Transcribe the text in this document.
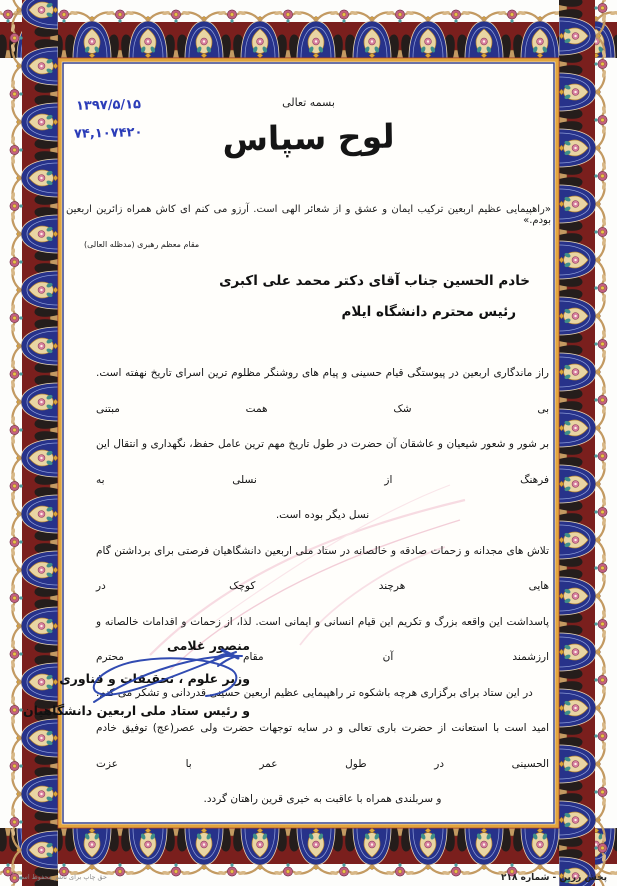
۱۳۹۷/۵/۱۵
۷۴,۱۰۷۴۲۰
بسمه تعالی
لوح سپاس
«راهپیمایی عظیم اربعین ترکیب ایمان و عشق و از شعائر الهی است. آرزو می کنم ای کاش همراه زائرین اربعین بودم.»
مقام معظم رهبری (مدظله العالی)
خادم الحسین جناب آقای دکتر محمد علی اکبری
رئیس محترم دانشگاه ایلام
راز ماندگاری اربعین در پیوستگی قیام حسینی و پیام های روشنگر مظلوم ترین اسرای تاریخ نهفته است. بی شک همت مبتنی
بر شور و شعور شیعیان و عاشقان آن حضرت در طول تاریخ مهم ترین عامل حفظ، نگهداری و انتقال این فرهنگ از نسلی به
نسل دیگر بوده است.
تلاش های مجدانه و زحمات صادقه و خالصانه در ستاد ملی اربعین دانشگاهیان فرصتی برای برداشتن گام هایی هرچند کوچک در
پاسداشت این واقعه بزرگ و تکریم این قیام انسانی و ایمانی است. لذا، از زحمات و اقدامات خالصانه و ارزشمند آن مقام محترم
در این ستاد برای برگزاری هرچه باشکوه تر راهپیمایی عظیم اربعین حسینی قدردانی و تشکر می کنم.
امید است با استعانت از حضرت باری تعالی و در سایه توجهات حضرت ولی عصر(عج) توفیق خادم الحسینی در طول عمر با عزت
و سربلندی همراه با عاقبت به خیری قرین راهتان گردد.
منصور غلامی
وزیر علوم ، تحقیقات و فناوری
و رئیس ستاد ملی اربعین دانشگاهیان
پخش زرین - شماره ۲۱۸
حق چاپ برای ناشر محفوظ است
